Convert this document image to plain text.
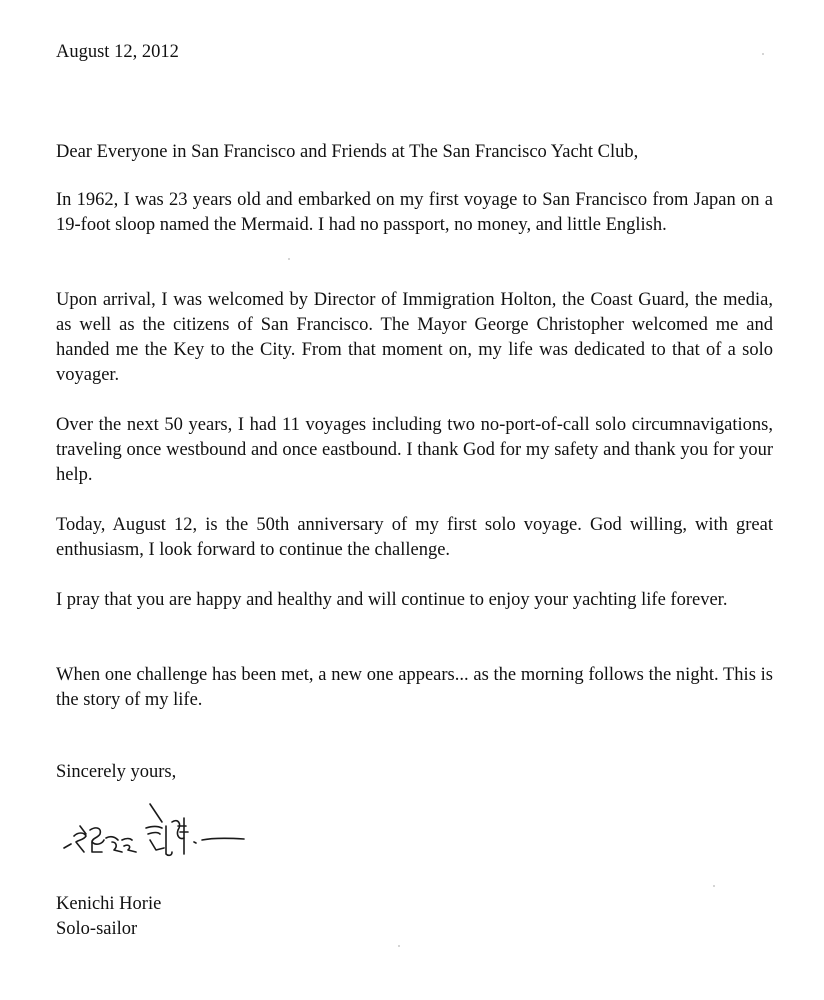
August 12, 2012
Dear Everyone in San Francisco and Friends at The San Francisco Yacht Club,

In 1962, I was 23 years old and embarked on my first voyage to San Francisco from Japan on a 19-foot sloop named the Mermaid. I had no passport, no money, and little English.

Upon arrival, I was welcomed by Director of Immigration Holton, the Coast Guard, the media, as well as the citizens of San Francisco. The Mayor George Christopher welcomed me and handed me the Key to the City. From that moment on, my life was dedicated to that of a solo voyager.

Over the next 50 years, I had 11 voyages including two no-port-of-call solo circumnavigations, traveling once westbound and once eastbound. I thank God for my safety and thank you for your help.

Today, August 12, is the 50th anniversary of my first solo voyage. God willing, with great enthusiasm, I look forward to continue the challenge.

I pray that you are happy and healthy and will continue to enjoy your yachting life forever.

When one challenge has been met, a new one appears... as the morning follows the night. This is the story of my life.

Sincerely yours,
Kenichi Horie
Solo-sailor
